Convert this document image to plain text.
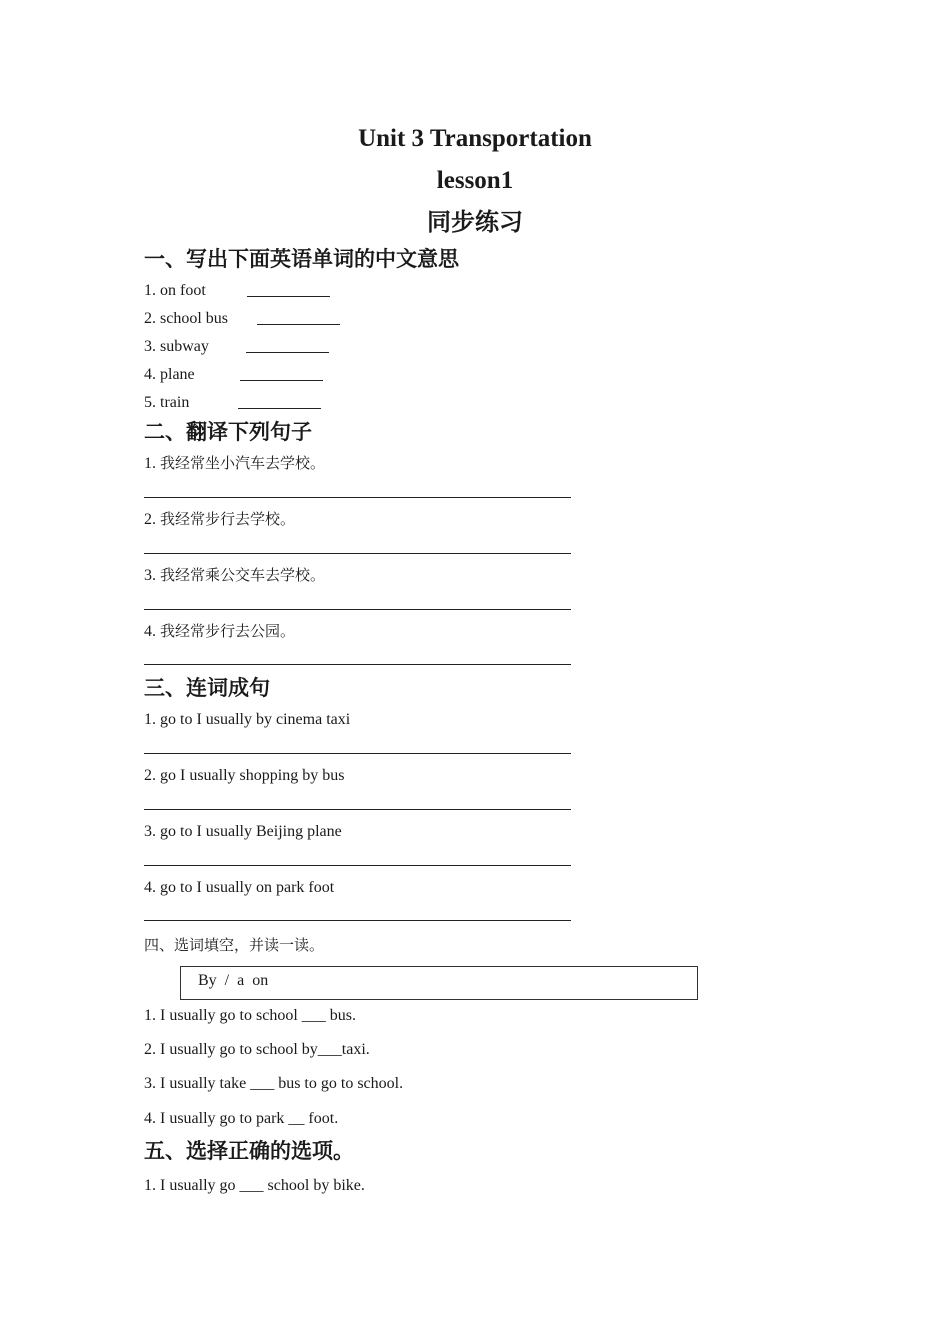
Unit 3 Transportation
lesson1
同步练习
一、写出下面英语单词的中文意思
1. on foot
2. school bus
3. subway
4. plane
5. train
二、翻译下列句子
1. 我经常坐小汽车去学校。
2. 我经常步行去学校。
3. 我经常乘公交车去学校。
4. 我经常步行去公园。
三、连词成句
1. go to I usually by cinema taxi
2. go I usually shopping by bus
3. go to I usually Beijing plane
4. go to I usually on park foot
四、选词填空，并读一读。
By  /  a  on
1. I usually go to school ___ bus.
2. I usually go to school by___taxi.
3. I usually take ___ bus to go to school.
4. I usually go to park __ foot.
五、选择正确的选项。
1. I usually go ___ school by bike.
